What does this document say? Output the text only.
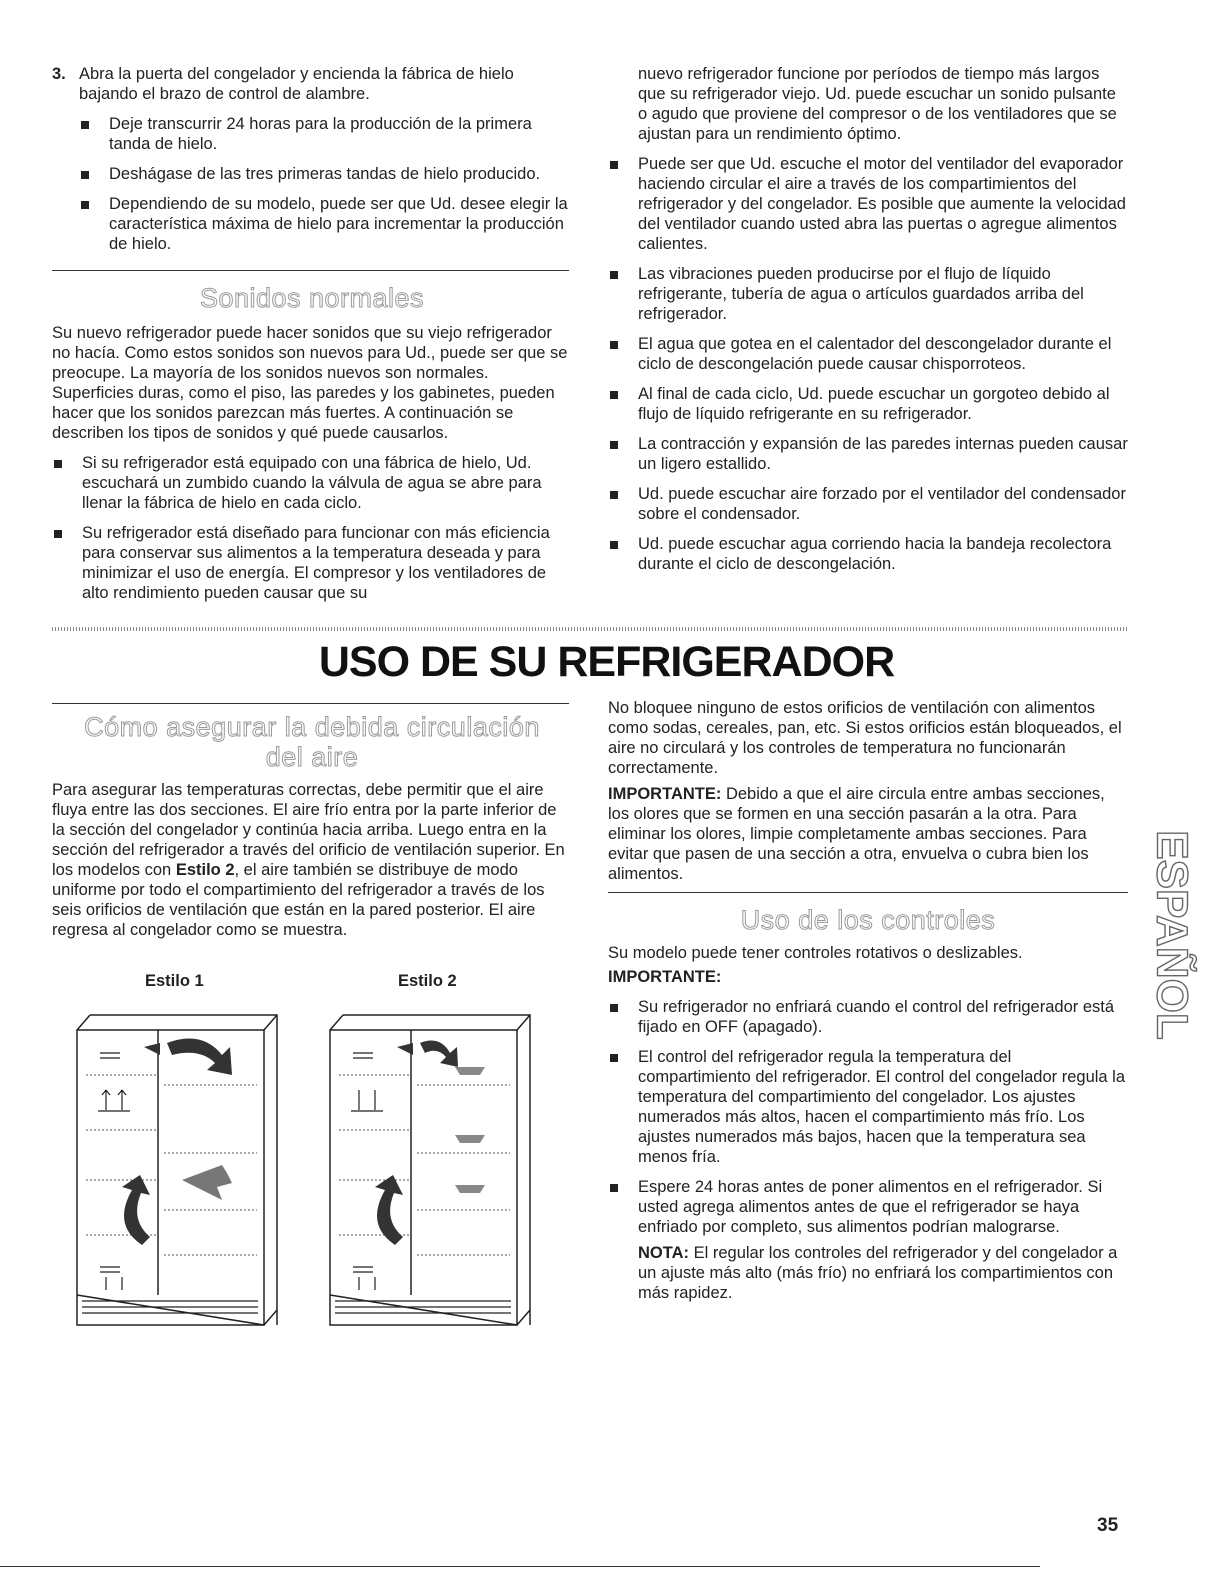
3. Abra la puerta del congelador y encienda la fábrica de hielo bajando el brazo de control de alambre.

Deje transcurrir 24 horas para la producción de la primera tanda de hielo.
Deshágase de las tres primeras tandas de hielo producido.
Dependiendo de su modelo, puede ser que Ud. desee elegir la característica máxima de hielo para incrementar la producción de hielo.
Sonidos normales

Su nuevo refrigerador puede hacer sonidos que su viejo refrigerador no hacía. Como estos sonidos son nuevos para Ud., puede ser que se preocupe. La mayoría de los sonidos nuevos son normales. Superficies duras, como el piso, las paredes y los gabinetes, pueden hacer que los sonidos parezcan más fuertes. A continuación se describen los tipos de sonidos y qué puede causarlos.

Si su refrigerador está equipado con una fábrica de hielo, Ud. escuchará un zumbido cuando la válvula de agua se abre para llenar la fábrica de hielo en cada ciclo.
Su refrigerador está diseñado para funcionar con más eficiencia para conservar sus alimentos a la temperatura deseada y para minimizar el uso de energía. El compresor y los ventiladores de alto rendimiento pueden causar que su

nuevo refrigerador funcione por períodos de tiempo más largos que su refrigerador viejo. Ud. puede escuchar un sonido pulsante o agudo que proviene del compresor o de los ventiladores que se ajustan para un rendimiento óptimo.

Puede ser que Ud. escuche el motor del ventilador del evaporador haciendo circular el aire a través de los compartimientos del refrigerador y del congelador. Es posible que aumente la velocidad del ventilador cuando usted abra las puertas o agregue alimentos calientes.
Las vibraciones pueden producirse por el flujo de líquido refrigerante, tubería de agua o artículos guardados arriba del refrigerador.
El agua que gotea en el calentador del descongelador durante el ciclo de descongelación puede causar chisporroteos.
Al final de cada ciclo, Ud. puede escuchar un gorgoteo debido al flujo de líquido refrigerante en su refrigerador.
La contracción y expansión de las paredes internas pueden causar un ligero estallido.
Ud. puede escuchar aire forzado por el ventilador del condensador sobre el condensador.
Ud. puede escuchar agua corriendo hacia la bandeja recolectora durante el ciclo de descongelación.
USO DE SU REFRIGERADOR
Cómo asegurar la debida circulación
del aire

Para asegurar las temperaturas correctas, debe permitir que el aire fluya entre las dos secciones. El aire frío entra por la parte inferior de la sección del congelador y continúa hacia arriba. Luego entra en la sección del refrigerador a través del orificio de ventilación superior. En los modelos con Estilo 2, el aire también se distribuye de modo uniforme por todo el compartimiento del refrigerador a través de los seis orificios de ventilación que están en la pared posterior. El aire regresa al congelador como se muestra.

Estilo 1	Estilo 2

No bloquee ninguno de estos orificios de ventilación con alimentos como sodas, cereales, pan, etc. Si estos orificios están bloqueados, el aire no circulará y los controles de temperatura no funcionarán correctamente.

IMPORTANTE: Debido a que el aire circula entre ambas secciones, los olores que se formen en una sección pasarán a la otra. Para eliminar los olores, limpie completamente ambas secciones. Para evitar que pasen de una sección a otra, envuelva o cubra bien los alimentos.

Uso de los controles

Su modelo puede tener controles rotativos o deslizables.

IMPORTANTE:

Su refrigerador no enfriará cuando el control del refrigerador está fijado en OFF (apagado).
El control del refrigerador regula la temperatura del compartimiento del refrigerador. El control del congelador regula la temperatura del compartimiento del congelador. Los ajustes numerados más altos, hacen el compartimiento más frío. Los ajustes numerados más bajos, hacen que la temperatura sea menos fría.
Espere 24 horas antes de poner alimentos en el refrigerador. Si usted agrega alimentos antes de que el refrigerador se haya enfriado por completo, sus alimentos podrían malograrse.

NOTA: El regular los controles del refrigerador y del congelador a un ajuste más alto (más frío) no enfriará los compartimientos con más rapidez.

ESPAÑOL
35
